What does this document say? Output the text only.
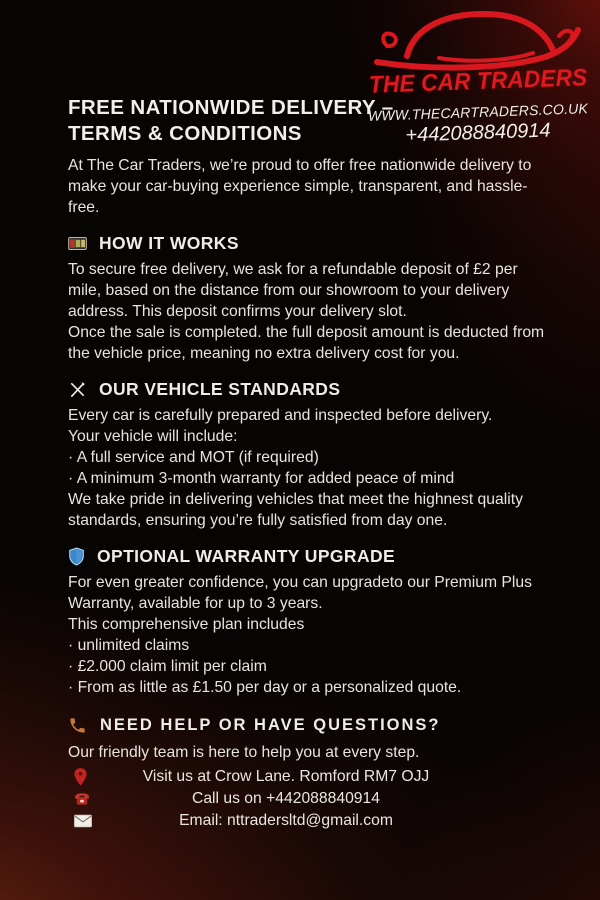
THE CAR TRADERS
WWW.THECARTRADERS.CO.UK
+442088840914
FREE NATIONWIDE DELIVERY –
TERMS & CONDITIONS
At The Car Traders, we’re proud to offer free nationwide delivery to make your car-buying experience simple, transparent, and hassle-free.
HOW IT WORKS

To secure free delivery, we ask for a refundable deposit of £2 per mile, based on the distance from our showroom to your delivery address. This deposit confirms your delivery slot.

Once the sale is completed. the full deposit amount is deducted from the vehicle price, meaning no extra delivery cost for you.

OUR VEHICLE STANDARDS

Every car is carefully prepared and inspected before delivery.

Your vehicle will include:

· A full service and MOT (if required)

· A minimum 3-month warranty for added peace of mind

We take pride in delivering vehicles that meet the highnest quality standards, ensuring you’re fully satisfied from day one.

OPTIONAL WARRANTY UPGRADE

For even greater confidence, you can upgradeto our Premium Plus Warranty, available for up to 3 years.

This comprehensive plan includes

· unlimited claims

· £2.000 claim limit per claim

· From as little as £1.50 per day or a personalized quote.

NEED HELP OR HAVE QUESTIONS?
Our friendly team is here to help you at every step.
Visit us at Crow Lane. Romford RM7 OJJ
Call us on +442088840914
Email: nttradersltd@gmail.com
